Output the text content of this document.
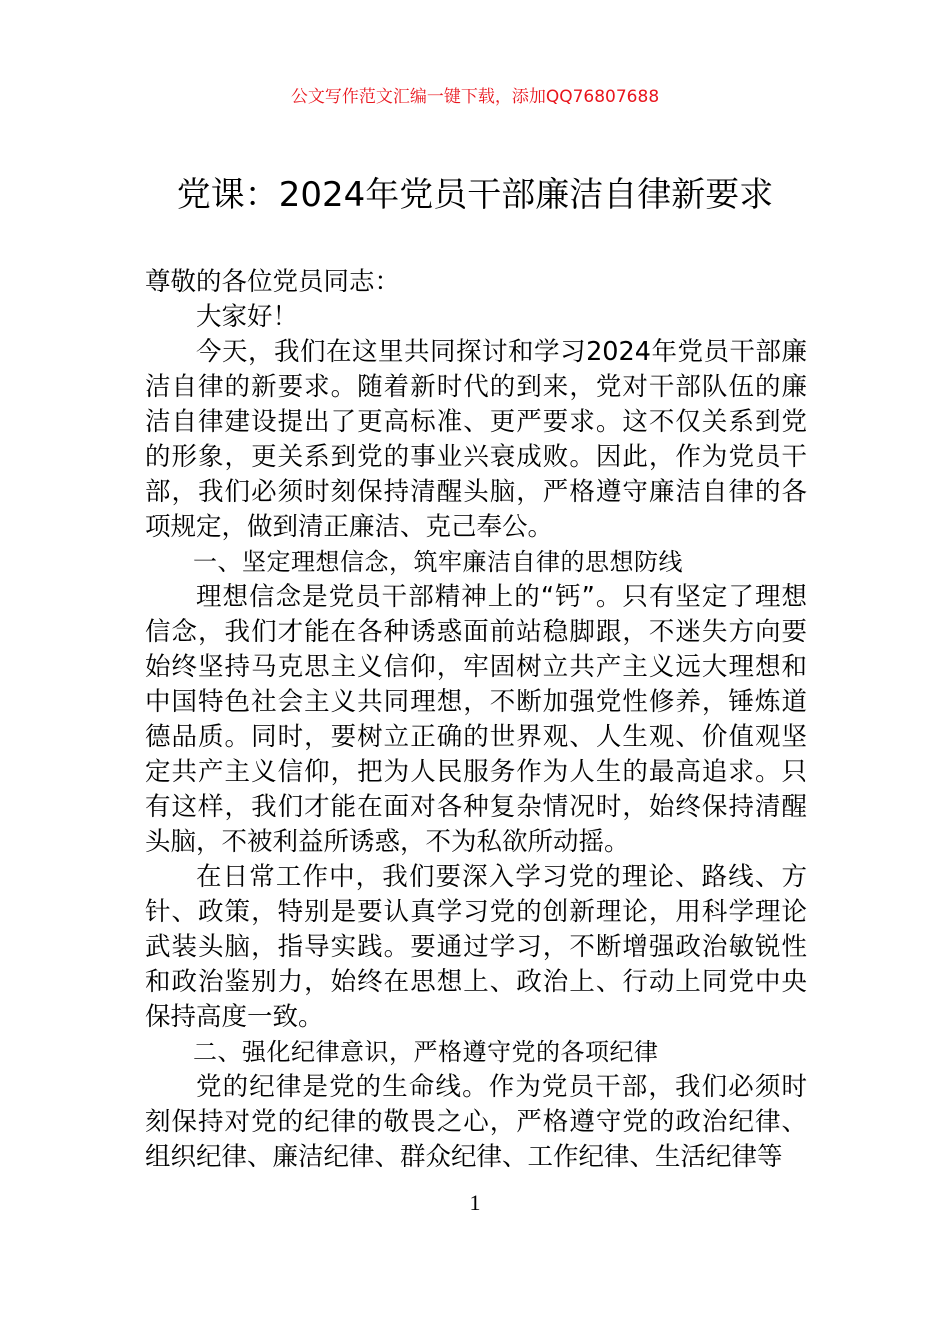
公文写作范文汇编一键下载，添加QQ76807688
党课：2024年党员干部廉洁自律新要求

尊敬的各位党员同志：

大家好！

今天，我们在这里共同探讨和学习2024年党员干部廉洁自律的新要求。随着新时代的到来，党对干部队伍的廉洁自律建设提出了更高标准、更严要求。这不仅关系到党的形象，更关系到党的事业兴衰成败。因此，作为党员干部，我们必须时刻保持清醒头脑，严格遵守廉洁自律的各项规定，做到清正廉洁、克己奉公。

一、坚定理想信念，筑牢廉洁自律的思想防线

理想信念是党员干部精神上的“钙”。只有坚定了理想信念，我们才能在各种诱惑面前站稳脚跟，不迷失方向要始终坚持马克思主义信仰，牢固树立共产主义远大理想和中国特色社会主义共同理想，不断加强党性修养，锤炼道德品质。同时，要树立正确的世界观、人生观、价值观坚定共产主义信仰，把为人民服务作为人生的最高追求。只有这样，我们才能在面对各种复杂情况时，始终保持清醒头脑，不被利益所诱惑，不为私欲所动摇。

在日常工作中，我们要深入学习党的理论、路线、方针、政策，特别是要认真学习党的创新理论，用科学理论武装头脑，指导实践。要通过学习，不断增强政治敏锐性和政治鉴别力，始终在思想上、政治上、行动上同党中央保持高度一致。

二、强化纪律意识，严格遵守党的各项纪律

党的纪律是党的生命线。作为党员干部，我们必须时刻保持对党的纪律的敬畏之心，严格遵守党的政治纪律、组织纪律、廉洁纪律、群众纪律、工作纪律、生活纪律等

1
